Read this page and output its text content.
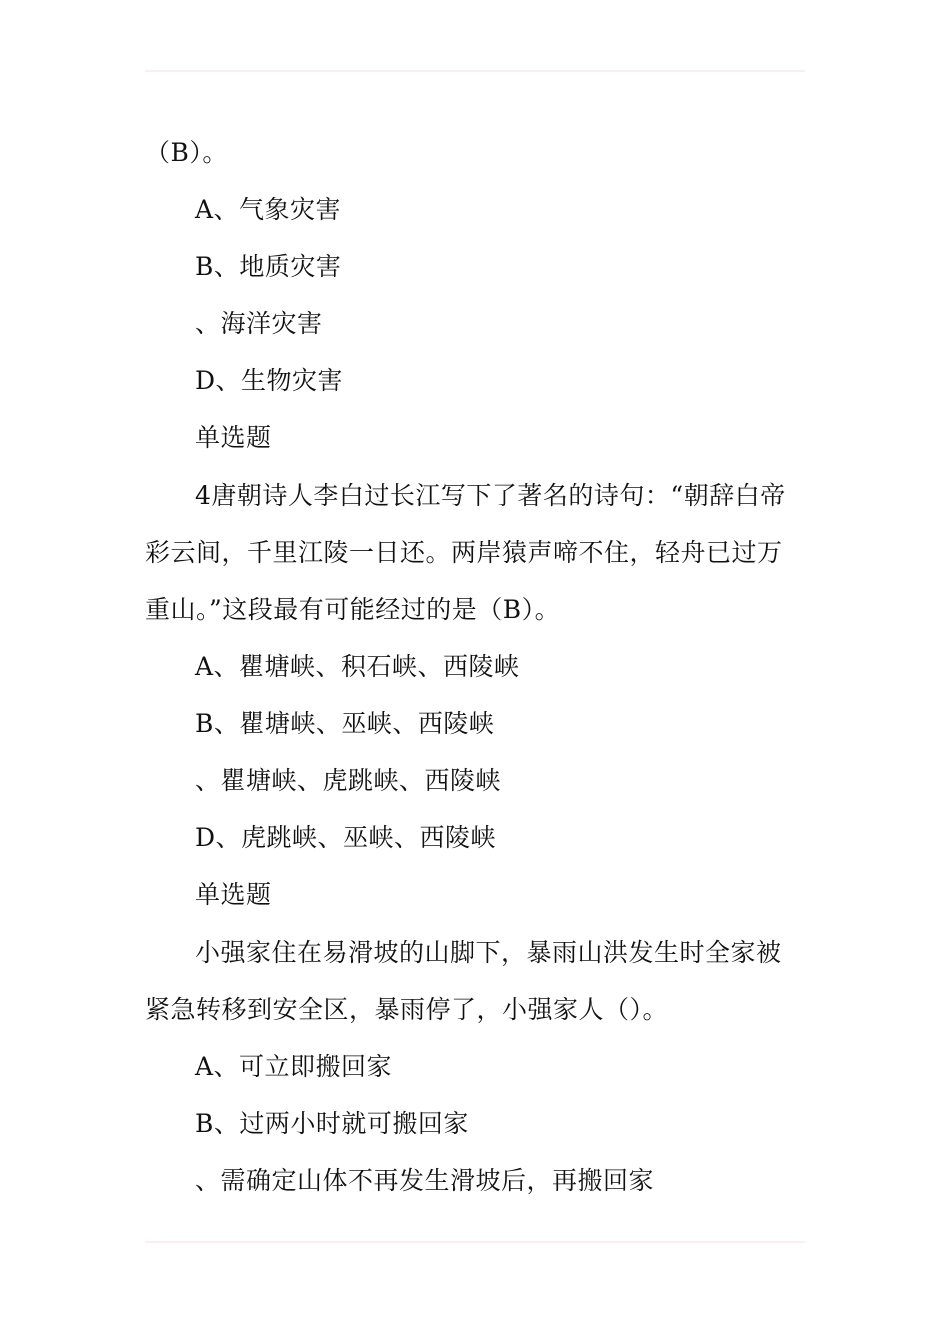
（B）。
A、气象灾害
B、地质灾害
、海洋灾害
D、生物灾害
单选题
4唐朝诗人李白过长江写下了著名的诗句：“朝辞白帝
彩云间，千里江陵一日还。两岸猿声啼不住，轻舟已过万
重山。”这段最有可能经过的是（B）。
A、瞿塘峡、积石峡、西陵峡
B、瞿塘峡、巫峡、西陵峡
、瞿塘峡、虎跳峡、西陵峡
D、虎跳峡、巫峡、西陵峡
单选题
小强家住在易滑坡的山脚下，暴雨山洪发生时全家被
紧急转移到安全区，暴雨停了，小强家人（）。
A、可立即搬回家
B、过两小时就可搬回家
、需确定山体不再发生滑坡后，再搬回家
